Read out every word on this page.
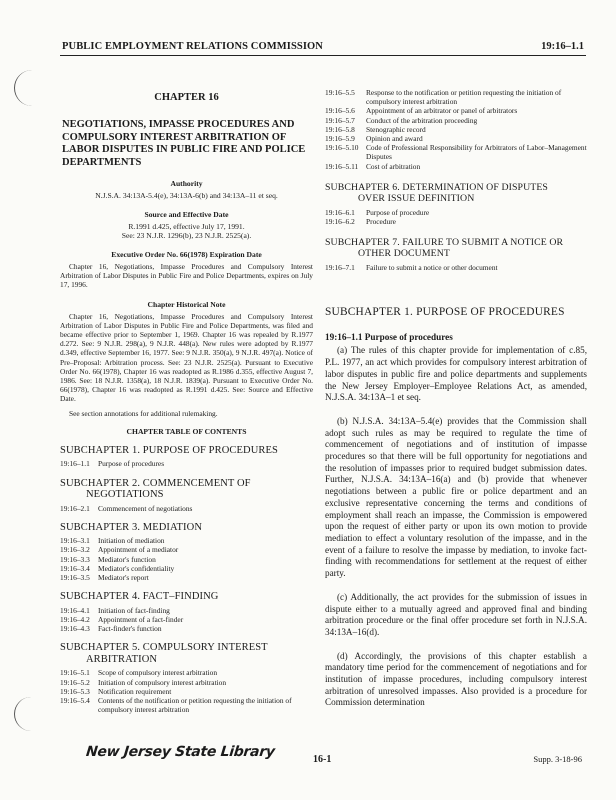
PUBLIC EMPLOYMENT RELATIONS COMMISSION	19:16–1.1
CHAPTER 16
NEGOTIATIONS, IMPASSE PROCEDURES AND COMPULSORY INTEREST ARBITRATION OF LABOR DISPUTES IN PUBLIC FIRE AND POLICE DEPARTMENTS
Authority
N.J.S.A. 34:13A-5.4(e), 34:13A-6(b) and 34:13A–11 et seq.
Source and Effective Date
R.1991 d.425, effective July 17, 1991.
See: 23 N.J.R. 1296(b), 23 N.J.R. 2525(a).
Executive Order No. 66(1978) Expiration Date
Chapter 16, Negotiations, Impasse Procedures and Compulsory Interest Arbitration of Labor Disputes in Public Fire and Police Departments, expires on July 17, 1996.
Chapter Historical Note
Chapter 16, Negotiations, Impasse Procedures and Compulsory Interest Arbitration of Labor Disputes in Public Fire and Police Departments, was filed and became effective prior to September 1, 1969. Chapter 16 was repealed by R.1977 d.272. See: 9 N.J.R. 298(a), 9 N.J.R. 448(a). New rules were adopted by R.1977 d.349, effective September 16, 1977. See: 9 N.J.R. 350(a), 9 N.J.R. 497(a). Notice of Pre–Proposal: Arbitration process. See: 23 N.J.R. 2525(a). Pursuant to Executive Order No. 66(1978), Chapter 16 was readopted as R.1986 d.355, effective August 7, 1986. See: 18 N.J.R. 1358(a), 18 N.J.R. 1839(a). Pursuant to Executive Order No. 66(1978), Chapter 16 was readopted as R.1991 d.425. See: Source and Effective Date.
See section annotations for additional rulemaking.
CHAPTER TABLE OF CONTENTS
SUBCHAPTER 1. PURPOSE OF PROCEDURES
19:16–1.1	Purpose of procedures
SUBCHAPTER 2. COMMENCEMENT OF
NEGOTIATIONS
19:16–2.1	Commencement of negotiations
SUBCHAPTER 3. MEDIATION
19:16–3.1	Initiation of mediation
19:16–3.2	Appointment of a mediator
19:16–3.3	Mediator's function
19:16–3.4	Mediator's confidentiality
19:16–3.5	Mediator's report
SUBCHAPTER 4. FACT–FINDING
19:16–4.1	Initiation of fact-finding
19:16–4.2	Appointment of a fact-finder
19:16–4.3	Fact-finder's function
SUBCHAPTER 5. COMPULSORY INTEREST
ARBITRATION
19:16–5.1	Scope of compulsory interest arbitration
19:16–5.2	Initiation of compulsory interest arbitration
19:16–5.3	Notification requirement
19:16–5.4	Contents of the notification or petition requesting the initiation of compulsory interest arbitration
19:16–5.5	Response to the notification or petition requesting the initiation of compulsory interest arbitration
19:16–5.6	Appointment of an arbitrator or panel of arbitrators
19:16–5.7	Conduct of the arbitration proceeding
19:16–5.8	Stenographic record
19:16–5.9	Opinion and award
19:16–5.10	Code of Professional Responsibility for Arbitrators of Labor–Management Disputes
19:16–5.11	Cost of arbitration
SUBCHAPTER 6. DETERMINATION OF DISPUTES
OVER ISSUE DEFINITION
19:16–6.1	Purpose of procedure
19:16–6.2	Procedure
SUBCHAPTER 7. FAILURE TO SUBMIT A NOTICE OR
OTHER DOCUMENT
19:16–7.1	Failure to submit a notice or other document
SUBCHAPTER 1. PURPOSE OF PROCEDURES
19:16–1.1 Purpose of procedures
(a) The rules of this chapter provide for implementation of c.85, P.L. 1977, an act which provides for compulsory interest arbitration of labor disputes in public fire and police departments and supplements the New Jersey Employer–Employee Relations Act, as amended, N.J.S.A. 34:13A–1 et seq.
(b) N.J.S.A. 34:13A–5.4(e) provides that the Commission shall adopt such rules as may be required to regulate the time of commencement of negotiations and of institution of impasse procedures so that there will be full opportunity for negotiations and the resolution of impasses prior to required budget submission dates. Further, N.J.S.A. 34:13A–16(a) and (b) provide that whenever negotiations between a public fire or police department and an exclusive representative concerning the terms and conditions of employment shall reach an impasse, the Commission is empowered upon the request of either party or upon its own motion to provide mediation to effect a voluntary resolution of the impasse, and in the event of a failure to resolve the impasse by mediation, to invoke fact-finding with recommendations for settlement at the request of either party.
(c) Additionally, the act provides for the submission of issues in dispute either to a mutually agreed and approved final and binding arbitration procedure or the final offer procedure set forth in N.J.S.A. 34:13A–16(d).
(d) Accordingly, the provisions of this chapter establish a mandatory time period for the commencement of negotiations and for institution of impasse procedures, including compulsory interest arbitration of unresolved impasses. Also provided is a procedure for Commission determination
New Jersey State Library	16-1	Supp. 3-18-96
